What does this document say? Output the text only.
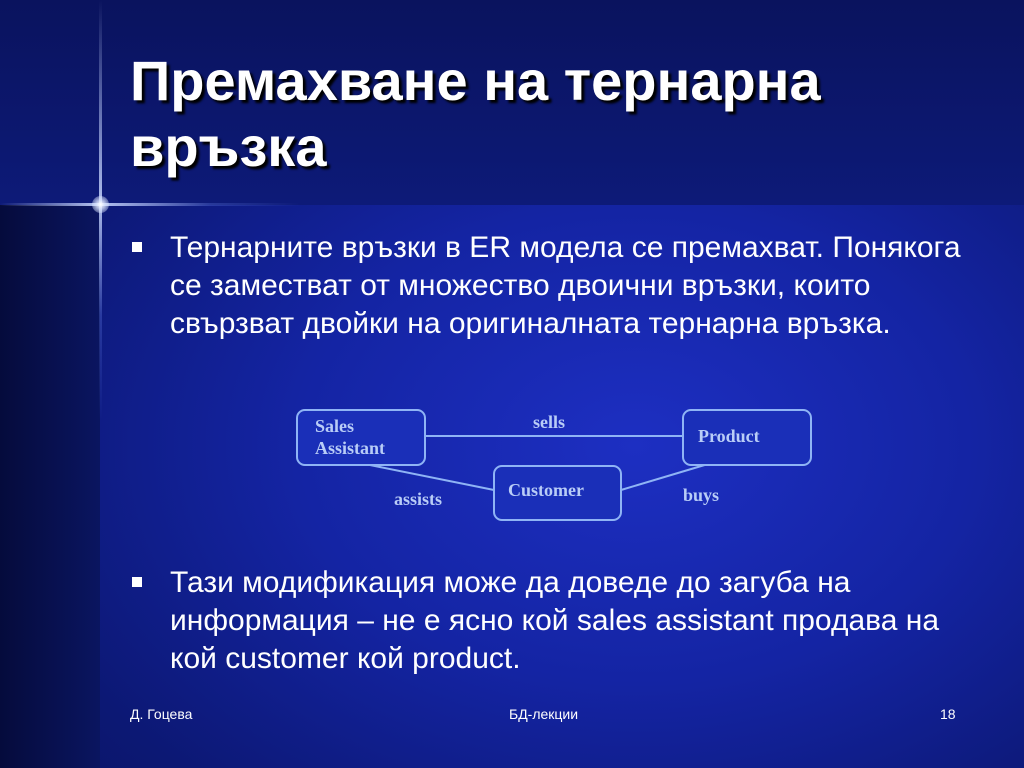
Премахване на тернарна връзка
Тернарните връзки в ER модела се премахват. Понякога се заместват от множество двоични връзки, които свързват двойки на оригиналната тернарна връзка.
Sales
Assistant
Product
Customer
sells
assists	buys
Тази модификация може да доведе до загуба на информация – не е ясно кой sales assistant продава на кой customer кой product.
Д. Гоцева	БД-лекции	18
